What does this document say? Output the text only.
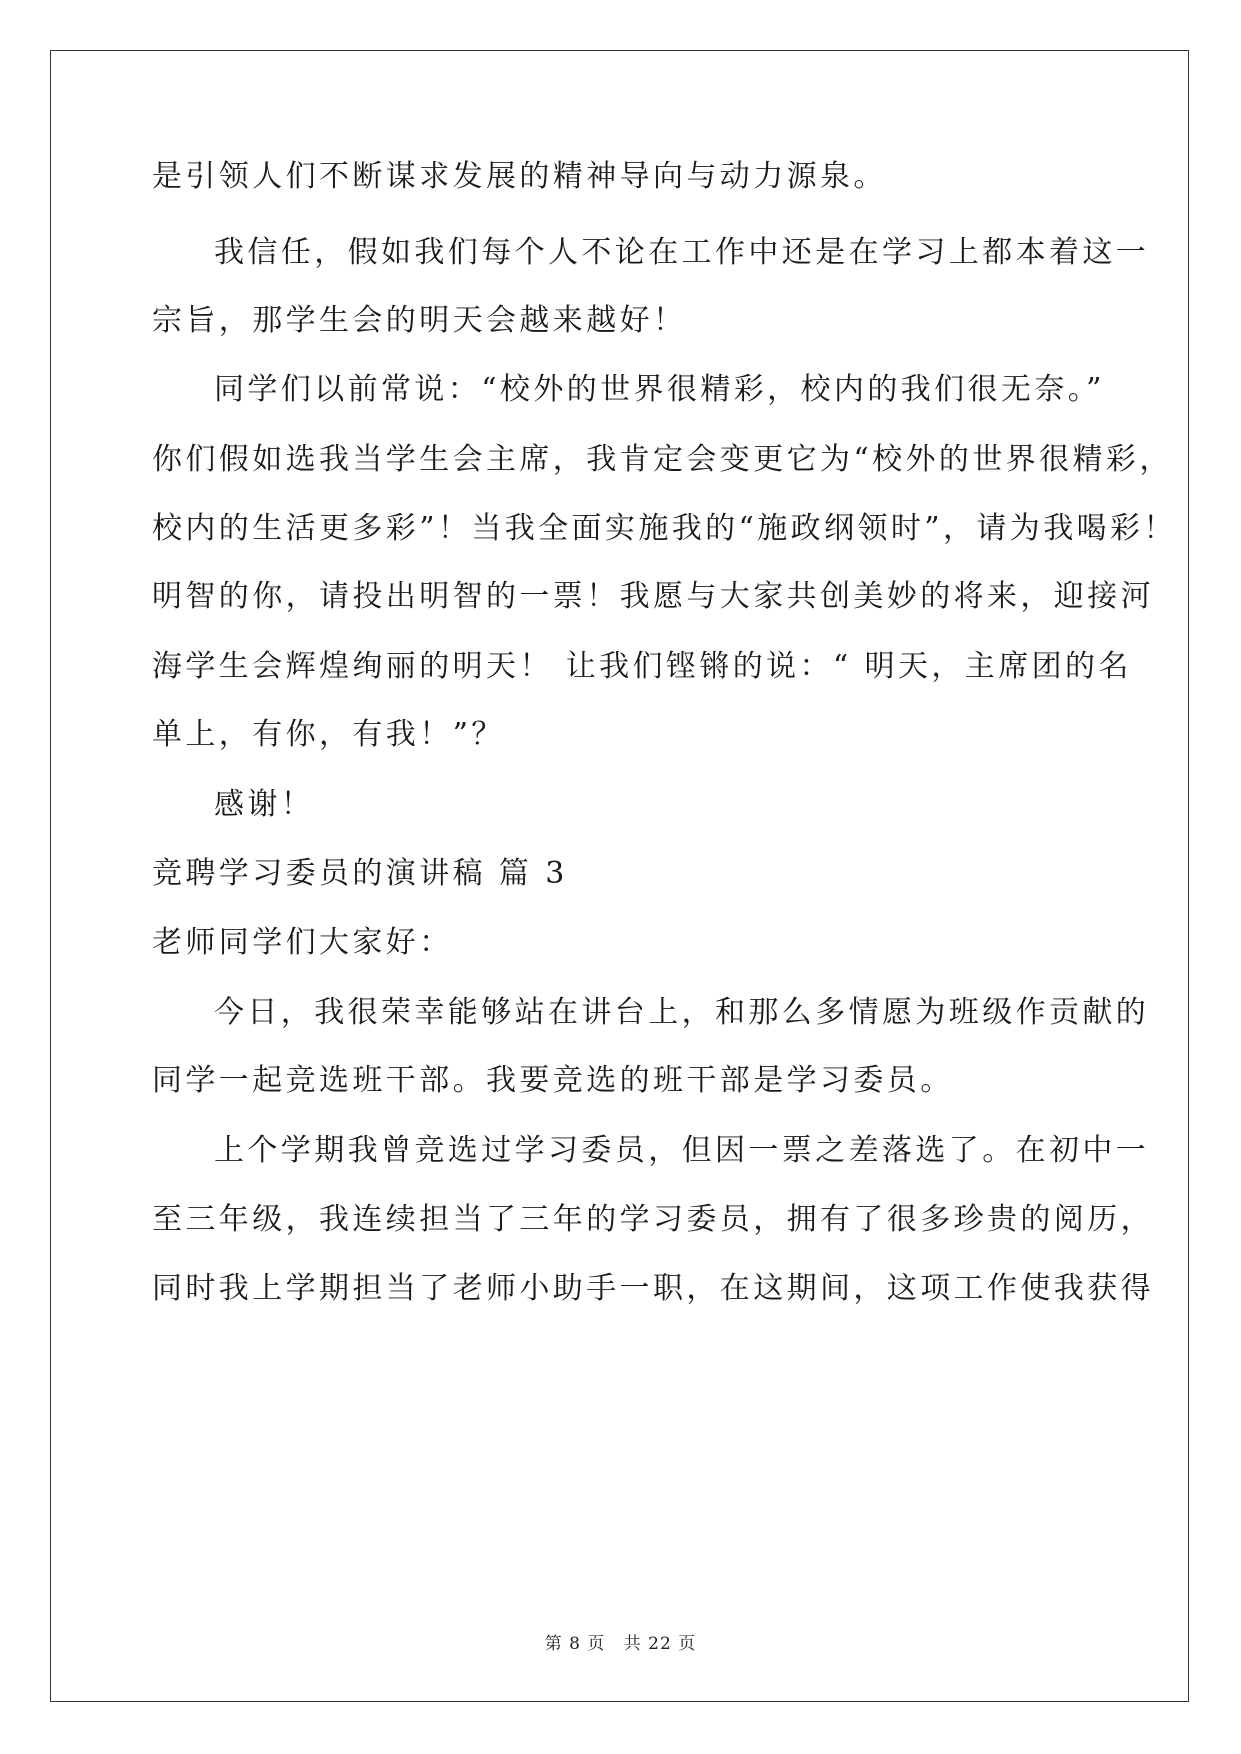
是引领人们不断谋求发展的精神导向与动力源泉。
我信任，假如我们每个人不论在工作中还是在学习上都本着这一
宗旨，那学生会的明天会越来越好！
同学们以前常说：“校外的世界很精彩，校内的我们很无奈。”
你们假如选我当学生会主席，我肯定会变更它为“校外的世界很精彩，
校内的生活更多彩”！当我全面实施我的“施政纲领时”，请为我喝彩！
明智的你，请投出明智的一票！我愿与大家共创美妙的将来，迎接河
海学生会辉煌绚丽的明天！ 让我们铿锵的说：“ 明天，主席团的名
单上，有你，有我！”？
感谢！
竞聘学习委员的演讲稿 篇 3
老师同学们大家好：
今日，我很荣幸能够站在讲台上，和那么多情愿为班级作贡献的
同学一起竞选班干部。我要竞选的班干部是学习委员。
上个学期我曾竞选过学习委员，但因一票之差落选了。在初中一
至三年级，我连续担当了三年的学习委员，拥有了很多珍贵的阅历，
同时我上学期担当了老师小助手一职，在这期间，这项工作使我获得
第 8 页 共 22 页
